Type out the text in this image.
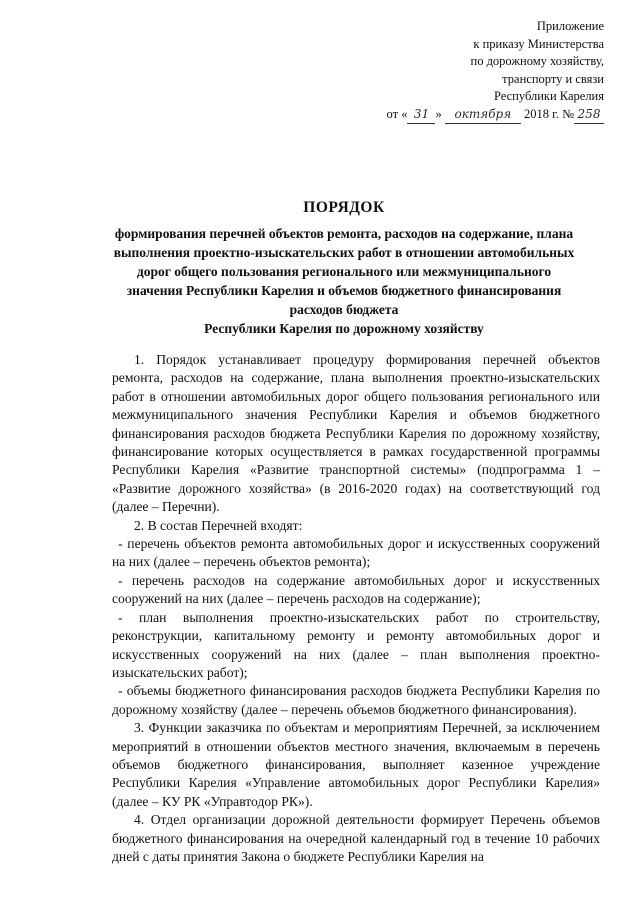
Приложение
к приказу Министерства
по дорожному хозяйству,
транспорту и связи
Республики Карелия
от « 31 » октября 2018 г. № 258
ПОРЯДОК
формирования перечней объектов ремонта, расходов на содержание, плана
выполнения проектно-изыскательских работ в отношении автомобильных
дорог общего пользования регионального или межмуниципального
значения Республики Карелия и объемов бюджетного финансирования
расходов бюджета
Республики Карелия по дорожному хозяйству

1. Порядок устанавливает процедуру формирования перечней объектов ремонта, расходов на содержание, плана выполнения проектно-изыскательских работ в отношении автомобильных дорог общего пользования регионального или межмуниципального значения Республики Карелия и объемов бюджетного финансирования расходов бюджета Республики Карелия по дорожному хозяйству, финансирование которых осуществляется в рамках государственной программы Республики Карелия «Развитие транспортной системы» (подпрограмма 1 – «Развитие дорожного хозяйства» (в 2016-2020 годах) на соответствующий год (далее – Перечни).

2. В состав Перечней входят:

- перечень объектов ремонта автомобильных дорог и искусственных сооружений на них (далее – перечень объектов ремонта);

- перечень расходов на содержание автомобильных дорог и искусственных сооружений на них (далее – перечень расходов на содержание);

- план выполнения проектно-изыскательских работ по строительству, реконструкции, капитальному ремонту и ремонту автомобильных дорог и искусственных сооружений на них (далее – план выполнения проектно-изыскательских работ);

- объемы бюджетного финансирования расходов бюджета Республики Карелия по дорожному хозяйству (далее – перечень объемов бюджетного финансирования).

3. Функции заказчика по объектам и мероприятиям Перечней, за исключением мероприятий в отношении объектов местного значения, включаемым в перечень объемов бюджетного финансирования, выполняет казенное учреждение Республики Карелия «Управление автомобильных дорог Республики Карелия» (далее – КУ РК «Управтодор РК»).

4. Отдел организации дорожной деятельности формирует Перечень объемов бюджетного финансирования на очередной календарный год в течение 10 рабочих дней с даты принятия Закона о бюджете Республики Карелия на
